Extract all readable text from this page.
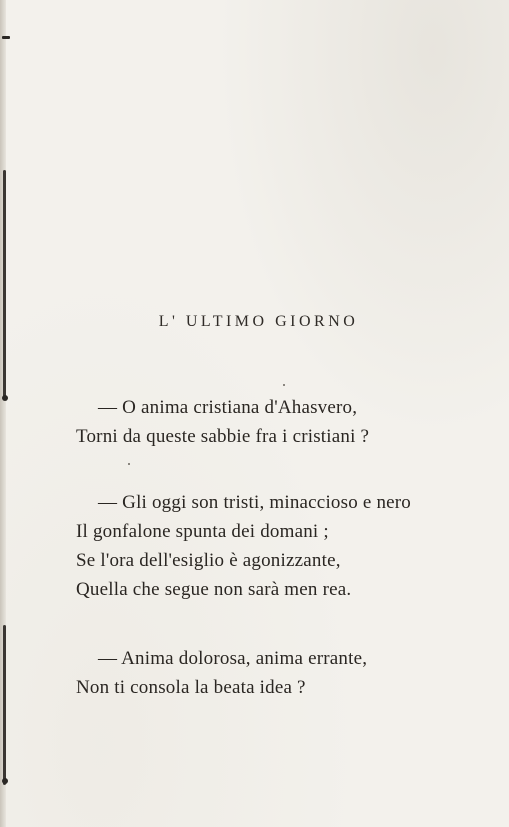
L' ULTIMO GIORNO
— O anima cristiana d'Ahasvero,
Torni da queste sabbie fra i cristiani ?
— Gli oggi son tristi, minaccioso e nero
Il gonfalone spunta dei domani ;
Se l'ora dell'esiglio è agonizzante,
Quella che segue non sarà men rea.
— Anima dolorosa, anima errante,
Non ti consola la beata idea ?
